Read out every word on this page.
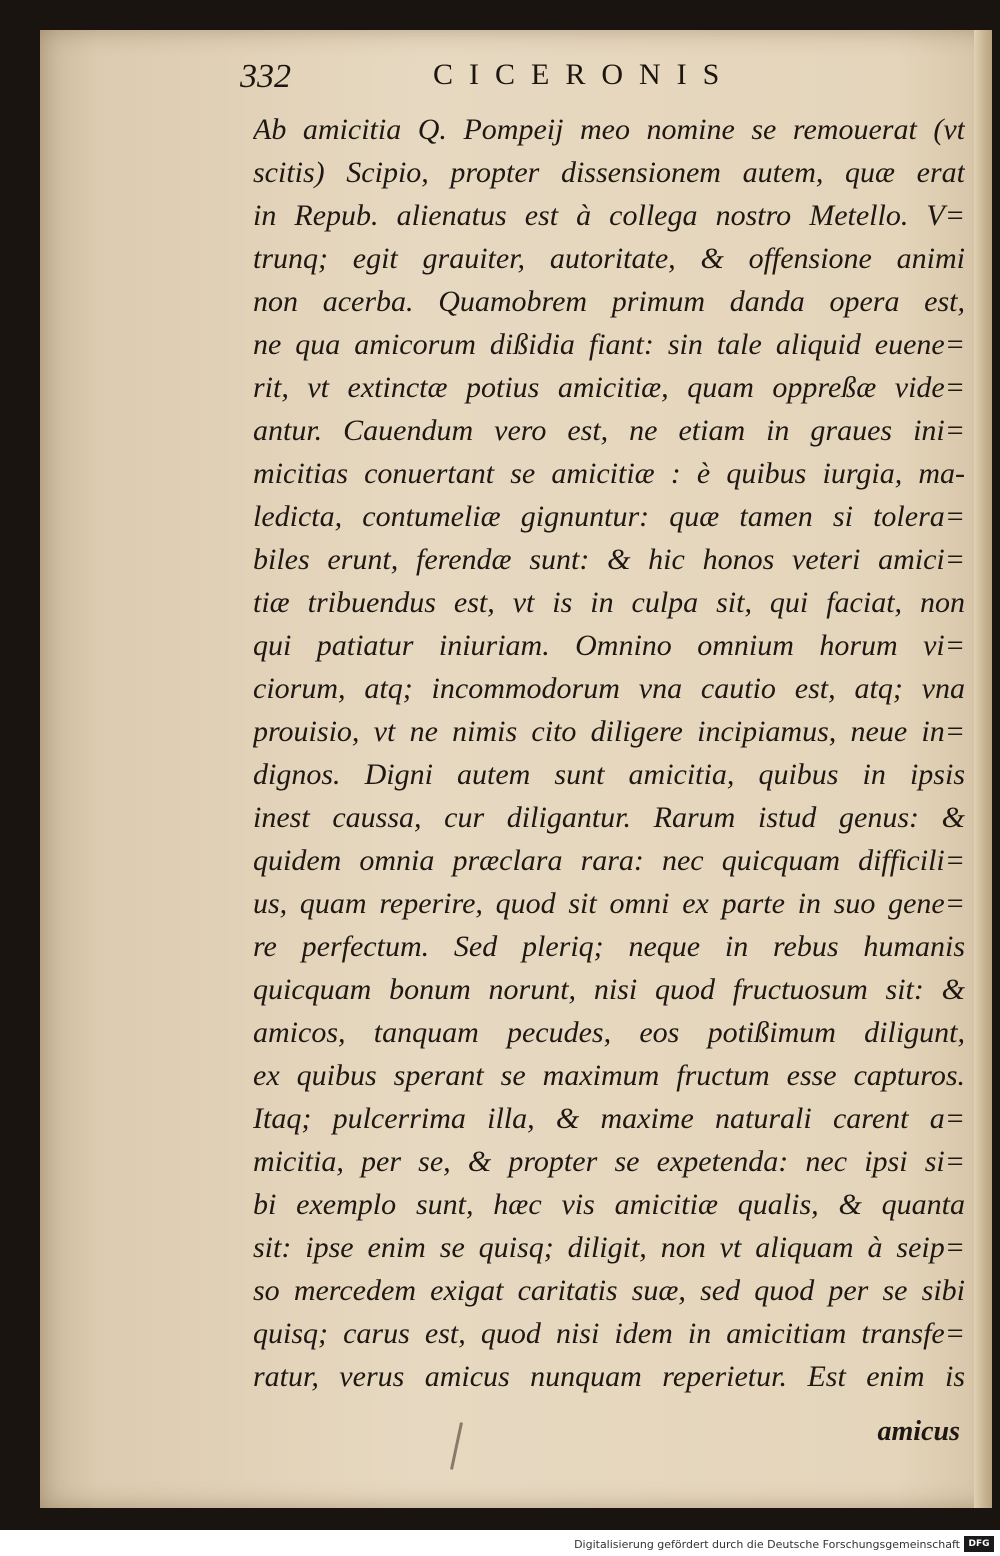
332	CICERONIS
Ab amicitia Q. Pompeij meo nomine se remouerat (vt
scitis) Scipio, propter dissensionem autem, quæ erat
in Repub. alienatus est à collega nostro Metello. V=
trunq; egit grauiter, autoritate, & offensione animi
non acerba. Quamobrem primum danda opera est,
ne qua amicorum dißidia fiant: sin tale aliquid euene=
rit, vt extinctæ potius amicitiæ, quam oppreßæ vide=
antur. Cauendum vero est, ne etiam in graues ini=
micitias conuertant se amicitiæ : è quibus iurgia, ma-
ledicta, contumeliæ gignuntur: quæ tamen si tolera=
biles erunt, ferendæ sunt: & hic honos veteri amici=
tiæ tribuendus est, vt is in culpa sit, qui faciat, non
qui patiatur iniuriam. Omnino omnium horum vi=
ciorum, atq; incommodorum vna cautio est, atq; vna
prouisio, vt ne nimis cito diligere incipiamus, neue in=
dignos. Digni autem sunt amicitia, quibus in ipsis
inest caussa, cur diligantur. Rarum istud genus: &
quidem omnia præclara rara: nec quicquam difficili=
us, quam reperire, quod sit omni ex parte in suo gene=
re perfectum. Sed pleriq; neque in rebus humanis
quicquam bonum norunt, nisi quod fructuosum sit: &
amicos, tanquam pecudes, eos potißimum diligunt,
ex quibus sperant se maximum fructum esse capturos.
Itaq; pulcerrima illa, & maxime naturali carent a=
micitia, per se, & propter se expetenda: nec ipsi si=
bi exemplo sunt, hæc vis amicitiæ qualis, & quanta
sit: ipse enim se quisq; diligit, non vt aliquam à seip=
so mercedem exigat caritatis suæ, sed quod per se sibi
quisq; carus est, quod nisi idem in amicitiam transfe=
ratur, verus amicus nunquam reperietur. Est enim is
amicus
Digitalisierung gefördert durch die Deutsche Forschungsgemeinschaft DFG
